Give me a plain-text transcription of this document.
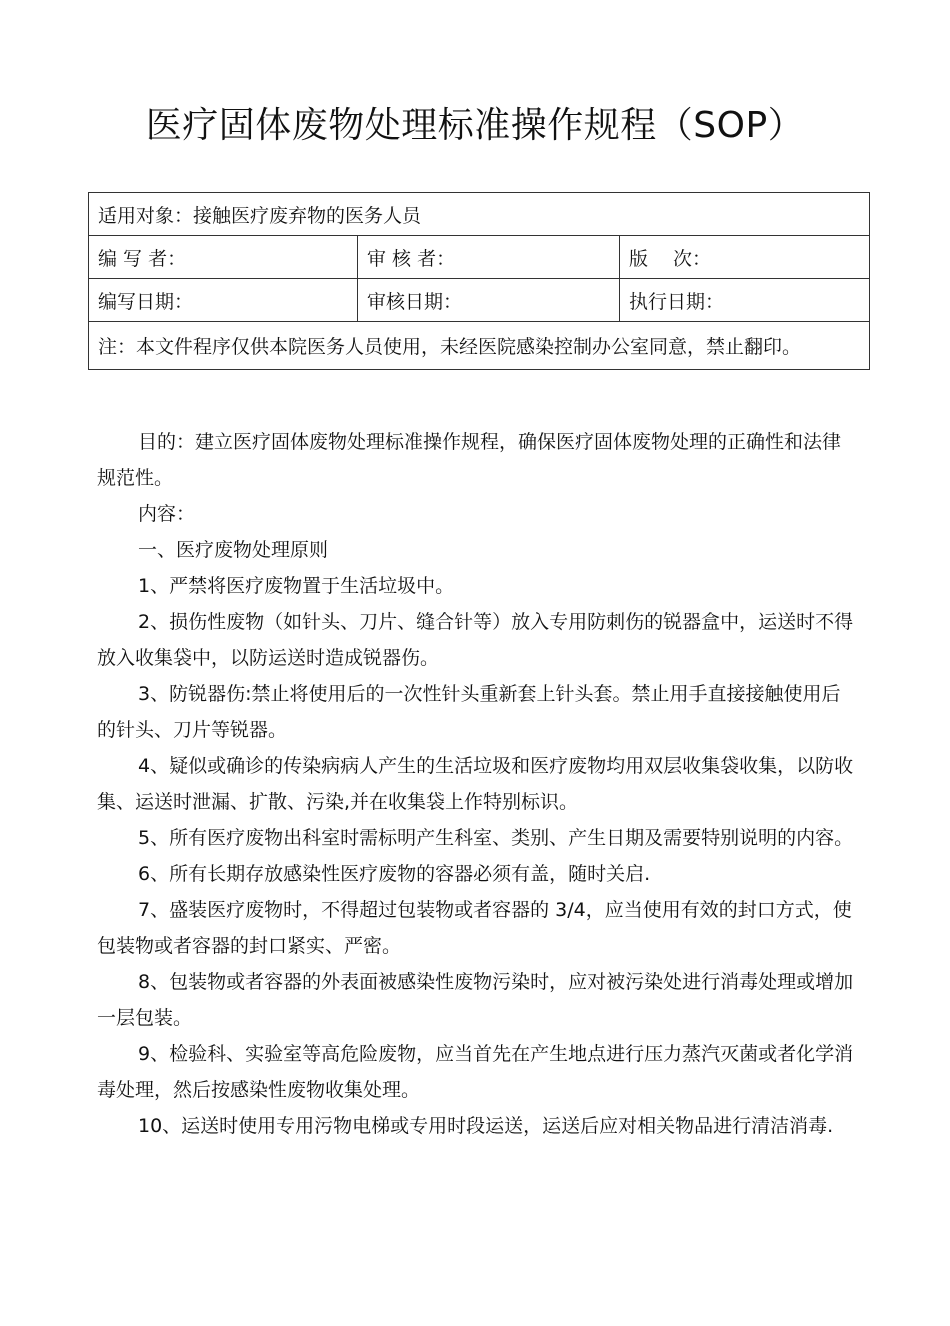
医疗固体废物处理标准操作规程（SOP）
适用对象：接触医疗废弃物的医务人员		
编 写 者：	审 核 者：	版　 次：
编写日期：	审核日期：	执行日期：
注：本文件程序仅供本院医务人员使用，未经医院感染控制办公室同意，禁止翻印。		

目的：建立医疗固体废物处理标准操作规程，确保医疗固体废物处理的正确性和法律规范性。

内容：

一、医疗废物处理原则

1、严禁将医疗废物置于生活垃圾中。

2、损伤性废物（如针头、刀片、缝合针等）放入专用防刺伤的锐器盒中，运送时不得放入收集袋中，以防运送时造成锐器伤。

3、防锐器伤:禁止将使用后的一次性针头重新套上针头套。禁止用手直接接触使用后的针头、刀片等锐器。

4、疑似或确诊的传染病病人产生的生活垃圾和医疗废物均用双层收集袋收集，以防收集、运送时泄漏、扩散、污染,并在收集袋上作特别标识。

5、所有医疗废物出科室时需标明产生科室、类别、产生日期及需要特别说明的内容。

6、所有长期存放感染性医疗废物的容器必须有盖，随时关启.

7、盛装医疗废物时，不得超过包装物或者容器的 3/4，应当使用有效的封口方式，使包装物或者容器的封口紧实、严密。

8、包装物或者容器的外表面被感染性废物污染时，应对被污染处进行消毒处理或增加一层包装。

9、检验科、实验室等高危险废物，应当首先在产生地点进行压力蒸汽灭菌或者化学消毒处理，然后按感染性废物收集处理。

10、运送时使用专用污物电梯或专用时段运送，运送后应对相关物品进行清洁消毒.
